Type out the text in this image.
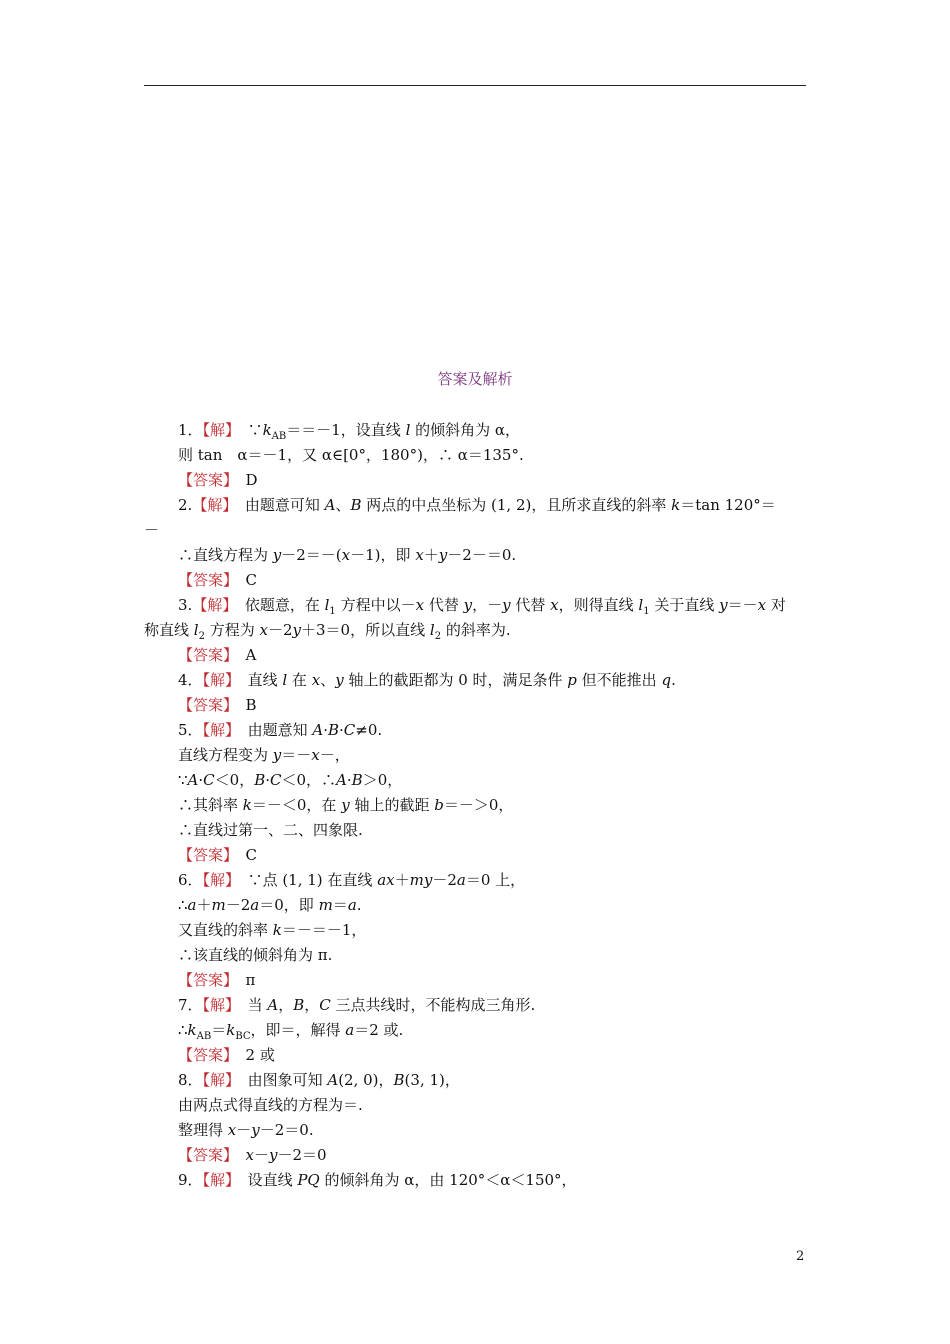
答案及解析
1．【解】　$\because k_{AB}==-1$，设直线 l 的倾斜角为 α，
则 tan　α＝－1，又 α∈[0°，180°)，∴ α＝135°.
【答案】　D
2.【解】　由题意可知 A、B 两点的中点坐标为 (1, 2)，且所求直线的斜率 k＝tan 120°＝
－
∴直线方程为 y－2＝－(x－1)，即 x＋y－2－＝0.
【答案】　C
3.【解】　依题意，在 $l_1$ 方程中以－x 代替 y，－y 代替 x，则得直线 $l_1$ 关于直线 y＝－x 对
称直线 $l_2$ 方程为 x－2y＋3＝0，所以直线 $l_2$ 的斜率为.
【答案】　A
4．【解】　直线 l 在 x、y 轴上的截距都为 0 时，满足条件 p 但不能推出 q.
【答案】　B
5．【解】　由题意知 A·B·C≠0.
直线方程变为 y＝－x－，
∵A·C＜0，B·C＜0，∴A·B＞0，
∴其斜率 k＝－＜0，在 y 轴上的截距 b＝－＞0，
∴直线过第一、二、四象限.
【答案】　C
6．【解】　∵点 (1, 1) 在直线 ax＋my－2a＝0 上，
∴a＋m－2a＝0，即 m＝a.
又直线的斜率 k＝－＝－1，
∴该直线的倾斜角为 π.
【答案】　π
7．【解】　当 A，B，C 三点共线时，不能构成三角形.
$\therefore k_{AB}=k_{BC}$，即＝，解得 a＝2 或.
【答案】　2 或
8．【解】　由图象可知 A(2, 0)，B(3, 1)，
由两点式得直线的方程为＝.
整理得 x－y－2＝0.
【答案】　 x－y－2＝0
9．【解】　设直线 PQ 的倾斜角为 α，由 120°＜α＜150°，
2
